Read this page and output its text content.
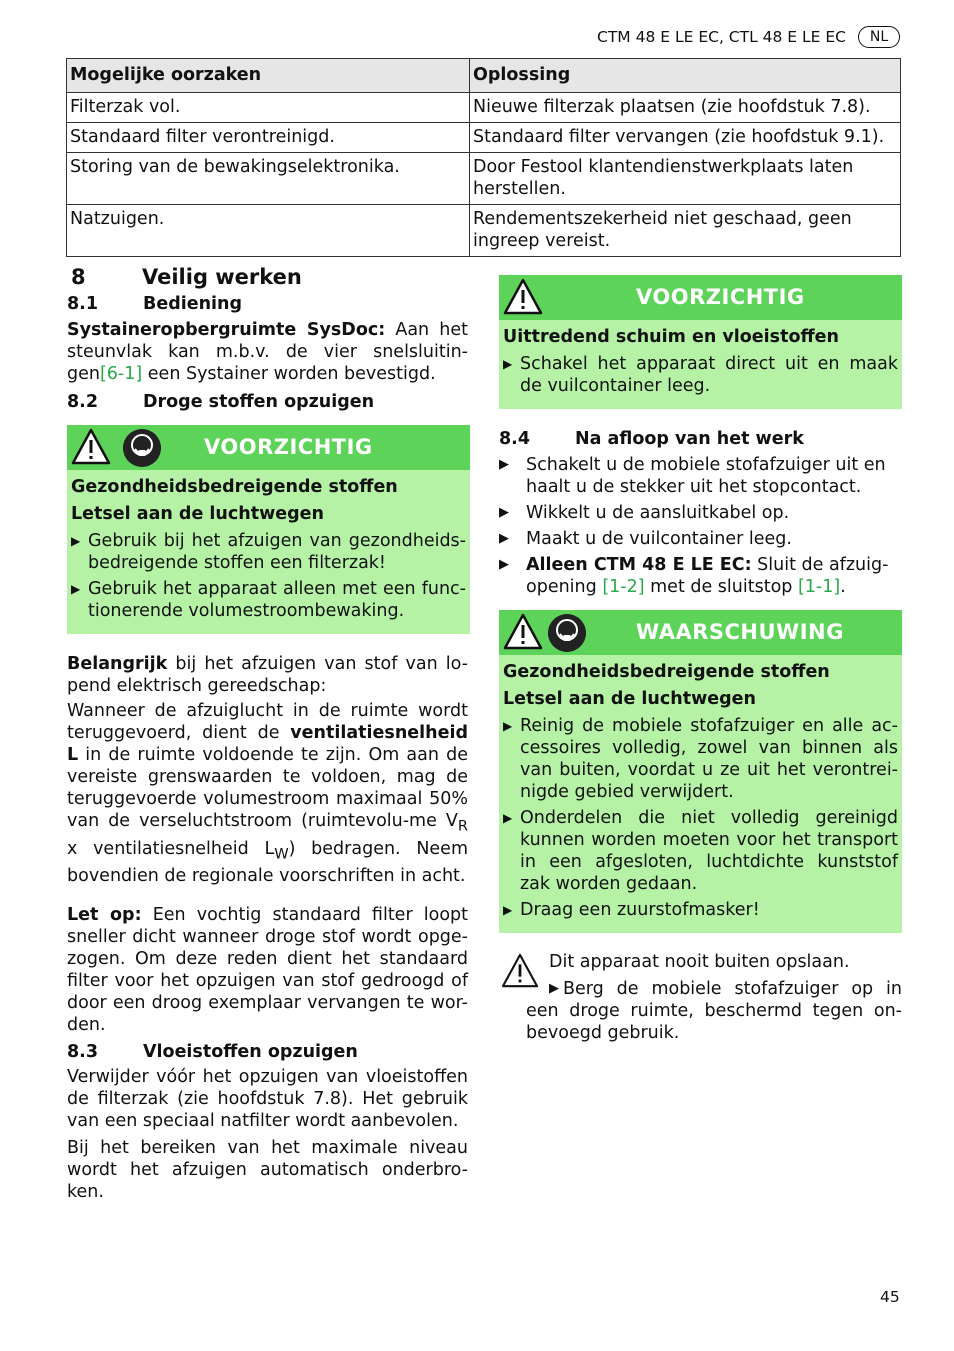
CTM 48 E LE EC, CTL 48 E LE EC	NL
Mogelijke oorzaken	Oplossing
Filterzak vol.	Nieuwe filterzak plaatsen (zie hoofdstuk 7.8).
Standaard filter verontreinigd.	Standaard filter vervangen (zie hoofdstuk 9.1).
Storing van de bewakingselektronika.	Door Festool klantendienstwerkplaats laten herstellen.
Natzuigen.	Rendementszekerheid niet geschaad, geen ingreep vereist.
8	Veilig werken
8.1	Bediening

Systaineropbergruimte SysDoc: Aan het steunvlak kan m.b.v. de vier snelsluitin-gen[6-1] een Systainer worden bevestigd.

8.2	Droge stoffen opzuigen
VOORZICHTIG
Gezondheidsbedreigende stoffen
Letsel aan de luchtwegen
▶ Gebruik bij het afzuigen van gezondheids-bedreigende stoffen een filterzak!
▶ Gebruik het apparaat alleen met een func-tionerende volumestroombewaking.

Belangrijk bij het afzuigen van stof van lo-pend elektrisch gereedschap:

Wanneer de afzuiglucht in de ruimte wordt teruggevoerd, dient de ventilatiesnelheid L in de ruimte voldoende te zijn. Om aan de vereiste grenswaarden te voldoen, mag de teruggevoerde volumestroom maximaal 50% van de verseluchtstroom (ruimtevolu-me $V_R$ x ventilatiesnelheid $L_W$) bedragen. Neem bovendien de regionale voorschriften in acht.

Let op: Een vochtig standaard filter loopt sneller dicht wanneer droge stof wordt opge-zogen. Om deze reden dient het standaard filter voor het opzuigen van stof gedroogd of door een droog exemplaar vervangen te wor-den.

8.3	Vloeistoffen opzuigen

Verwijder vóór het opzuigen van vloeistoffen de filterzak (zie hoofdstuk 7.8). Het gebruik van een speciaal natfilter wordt aanbevolen.

Bij het bereiken van het maximale niveau wordt het afzuigen automatisch onderbro-ken.

VOORZICHTIG
Uittredend schuim en vloeistoffen
▶ Schakel het apparaat direct uit en maak de vuilcontainer leeg.
8.4	Na afloop van het werk
▶ Schakelt u de mobiele stofafzuiger uit en haalt u de stekker uit het stopcontact.
▶ Wikkelt u de aansluitkabel op.
▶ Maakt u de vuilcontainer leeg.
▶ Alleen CTM 48 E LE EC: Sluit de afzuig-opening [1-2] met de sluitstop [1-1].
WAARSCHUWING
Gezondheidsbedreigende stoffen
Letsel aan de luchtwegen
▶ Reinig de mobiele stofafzuiger en alle ac-cessoires volledig, zowel van binnen als van buiten, voordat u ze uit het verontrei-nigde gebied verwijdert.
▶ Onderdelen die niet volledig gereinigd kunnen worden moeten voor het transport in een afgesloten, luchtdichte kunststof zak worden gedaan.
▶ Draag een zuurstofmasker!
Dit apparaat nooit buiten opslaan.
▶ Berg de mobiele stofafzuiger op in een droge ruimte, beschermd tegen on-bevoegd gebruik.
45
